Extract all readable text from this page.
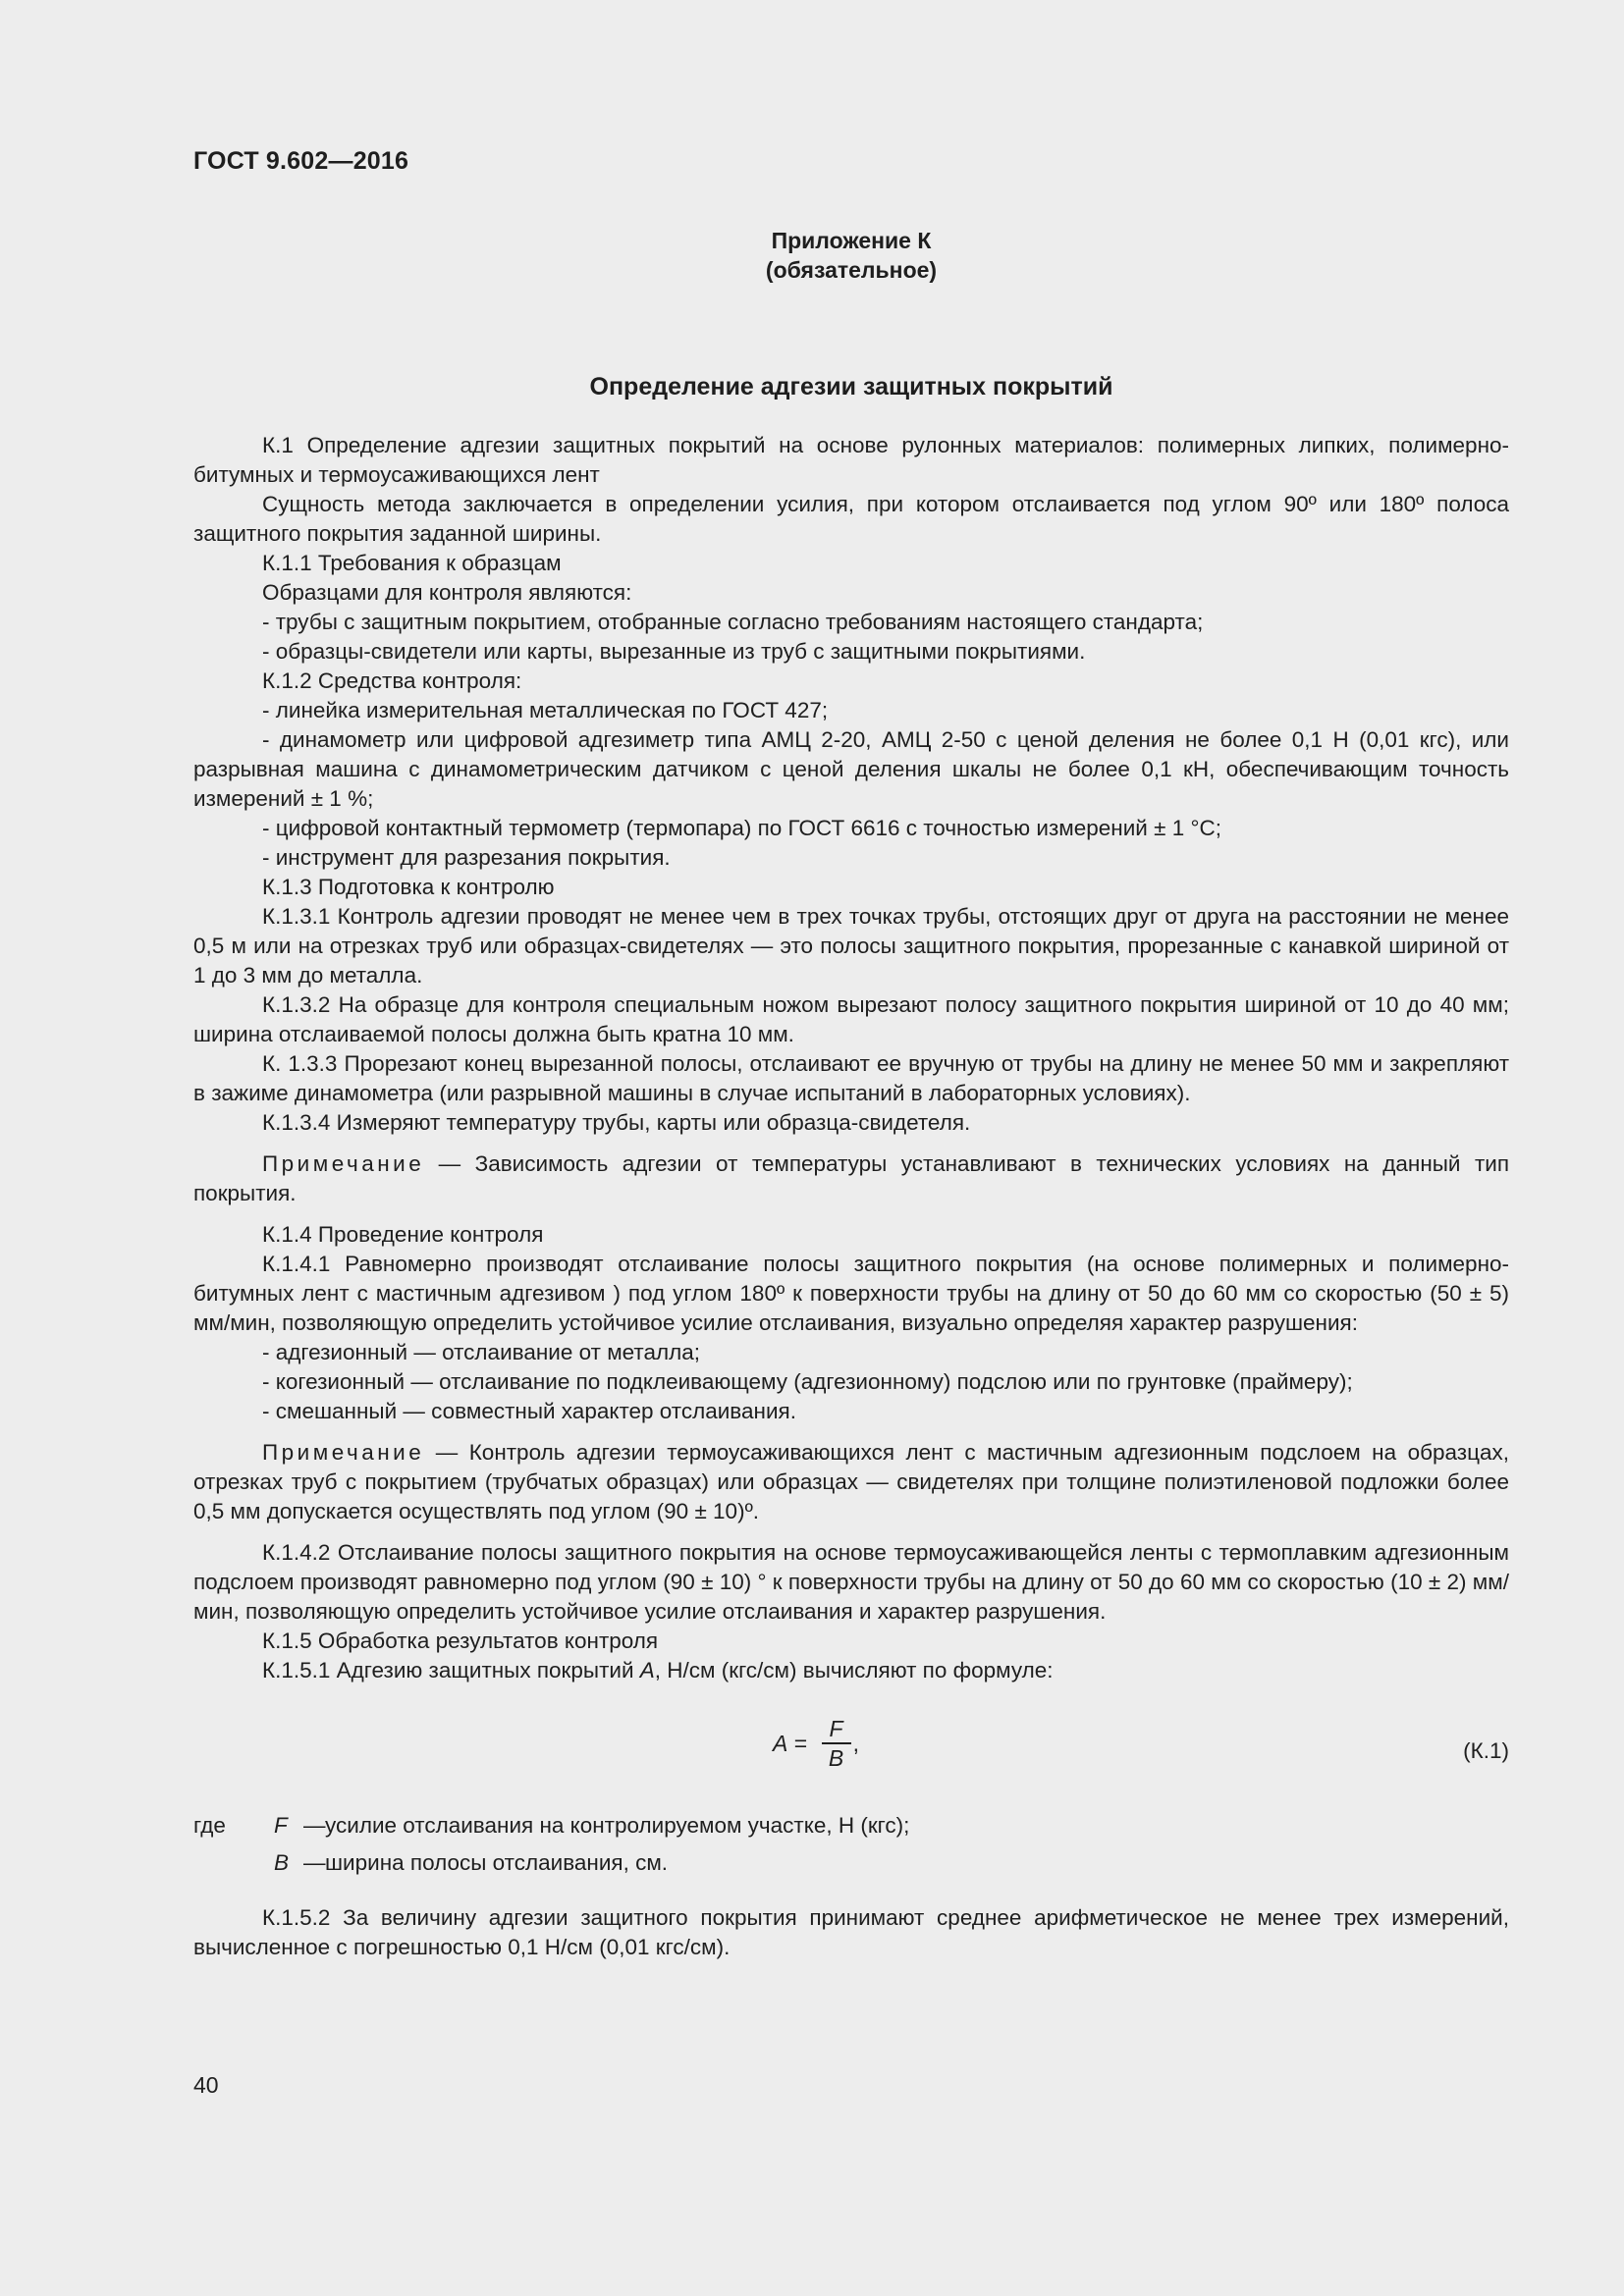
ГОСТ 9.602—2016
Приложение К
(обязательное)
Определение адгезии защитных покрытий

К.1 Определение адгезии защитных покрытий на основе рулонных материалов: полимерных липких, полимерно-битумных и термоусаживающихся лент

Сущность метода заключается в определении усилия, при котором отслаивается под углом 90º или 180º полоса защитного покрытия заданной ширины.

К.1.1 Требования к образцам

Образцами для контроля являются:

- трубы с защитным покрытием, отобранные согласно требованиям настоящего стандарта;

- образцы-свидетели или карты, вырезанные из труб с защитными покрытиями.

К.1.2 Средства контроля:

- линейка измерительная металлическая по ГОСТ 427;

- динамометр или цифровой адгезиметр типа АМЦ 2-20, АМЦ 2-50 с ценой деления не более 0,1 Н (0,01 кгс), или разрывная машина с динамометрическим датчиком с ценой деления шкалы не более 0,1 кН, обеспечивающим точность измерений ± 1 %;

- цифровой контактный термометр (термопара) по ГОСТ 6616 с точностью измерений ± 1 °С;

- инструмент для разрезания покрытия.

К.1.3 Подготовка к контролю

К.1.3.1 Контроль адгезии проводят не менее чем в трех точках трубы, отстоящих друг от друга на расстоянии не менее 0,5 м или на отрезках труб или образцах-свидетелях — это полосы защитного покрытия, прорезанные с канавкой шириной от 1 до 3 мм до металла.

К.1.3.2 На образце для контроля специальным ножом вырезают полосу защитного покрытия шириной от 10 до 40 мм; ширина отслаиваемой полосы должна быть кратна 10 мм.

К. 1.3.3 Прорезают конец вырезанной полосы, отслаивают ее вручную от трубы на длину не менее 50 мм и закрепляют в зажиме динамометра (или разрывной машины в случае испытаний в лабораторных условиях).

К.1.3.4 Измеряют температуру трубы, карты или образца-свидетеля.

Примечание — Зависимость адгезии от температуры устанавливают в технических условиях на данный тип покрытия.

К.1.4 Проведение контроля

К.1.4.1 Равномерно производят отслаивание полосы защитного покрытия (на основе полимерных и полимерно-битумных лент с мастичным адгезивом ) под углом 180º к поверхности трубы на длину от 50 до 60 мм со скоростью (50 ± 5) мм/мин, позволяющую определить устойчивое усилие отслаивания, визуально определяя характер разрушения:

- адгезионный — отслаивание от металла;

- когезионный — отслаивание по подклеивающему (адгезионному) подслою или по грунтовке (праймеру);

- смешанный — совместный характер отслаивания.

Примечание — Контроль адгезии термоусаживающихся лент с мастичным адгезионным подслоем на образцах, отрезках труб с покрытием (трубчатых образцах) или образцах — свидетелях при толщине полиэтиленовой подложки более 0,5 мм допускается осуществлять под углом (90 ± 10)º.

К.1.4.2 Отслаивание полосы защитного покрытия на основе термоусаживающейся ленты с термоплавким адгезионным подслоем производят равномерно под углом (90 ± 10) ° к поверхности трубы на длину от 50 до 60 мм со скоростью (10 ± 2) мм/мин, позволяющую определить устойчивое усилие отслаивания и характер разрушения.

К.1.5 Обработка результатов контроля

К.1.5.1 Адгезию защитных покрытий А, Н/см (кгс/см) вычисляют по формуле:

$А = \frac{F}{B}$ ,	(К.1)
где	F — усилие отслаивания на контролируемом участке, Н (кгс);
B — ширина полосы отслаивания, см.

К.1.5.2 За величину адгезии защитного покрытия принимают среднее арифметическое не менее трех измерений, вычисленное с погрешностью 0,1 Н/см (0,01 кгс/см).

40
